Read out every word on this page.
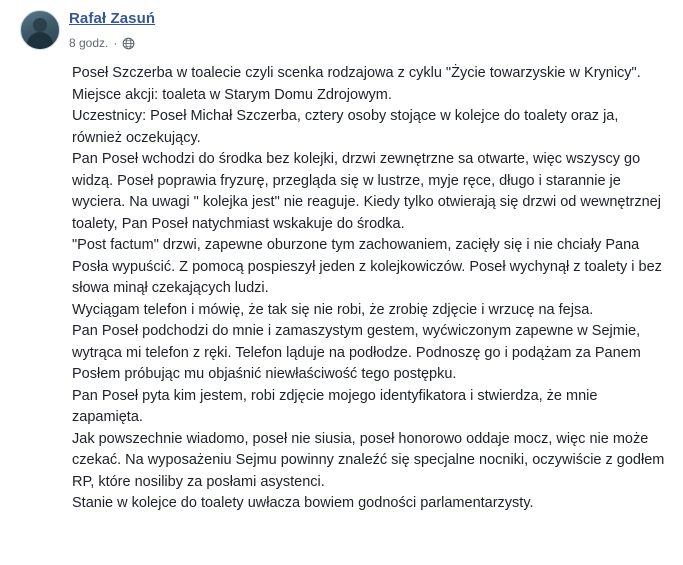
Rafał Zasuń
8 godz. ·

Poseł Szczerba w toalecie czyli scenka rodzajowa z cyklu "Życie towarzyskie w Krynicy".

Miejsce akcji: toaleta w Starym Domu Zdrojowym.

Uczestnicy: Poseł Michał Szczerba, cztery osoby stojące w kolejce do toalety oraz ja, również oczekujący.

Pan Poseł wchodzi do środka bez kolejki, drzwi zewnętrzne sa otwarte, więc wszyscy go widzą. Poseł poprawia fryzurę, przegląda się w lustrze, myje ręce, długo i starannie je wyciera. Na uwagi " kolejka jest" nie reaguje. Kiedy tylko otwierają się drzwi od wewnętrznej toalety, Pan Poseł natychmiast wskakuje do środka.

"Post factum" drzwi, zapewne oburzone tym zachowaniem, zacięły się i nie chciały Pana Posła wypuścić. Z pomocą pospieszył jeden z kolejkowiczów. Poseł wychynął z toalety i bez słowa minął czekających ludzi.

Wyciągam telefon i mówię, że tak się nie robi, że zrobię zdjęcie i wrzucę na fejsa.

Pan Poseł podchodzi do mnie i zamaszystym gestem, wyćwiczonym zapewne w Sejmie, wytrąca mi telefon z ręki. Telefon ląduje na podłodze. Podnoszę go i podążam za Panem Posłem próbując mu objaśnić niewłaściwość tego postępku.

Pan Poseł pyta kim jestem, robi zdjęcie mojego identyfikatora i stwierdza, że mnie zapamięta.

Jak powszechnie wiadomo, poseł nie siusia, poseł honorowo oddaje mocz, więc nie może czekać. Na wyposażeniu Sejmu powinny znaleźć się specjalne nocniki, oczywiście z godłem RP, które nosiliby za posłami asystenci.

Stanie w kolejce do toalety uwłacza bowiem godności parlamentarzysty.
